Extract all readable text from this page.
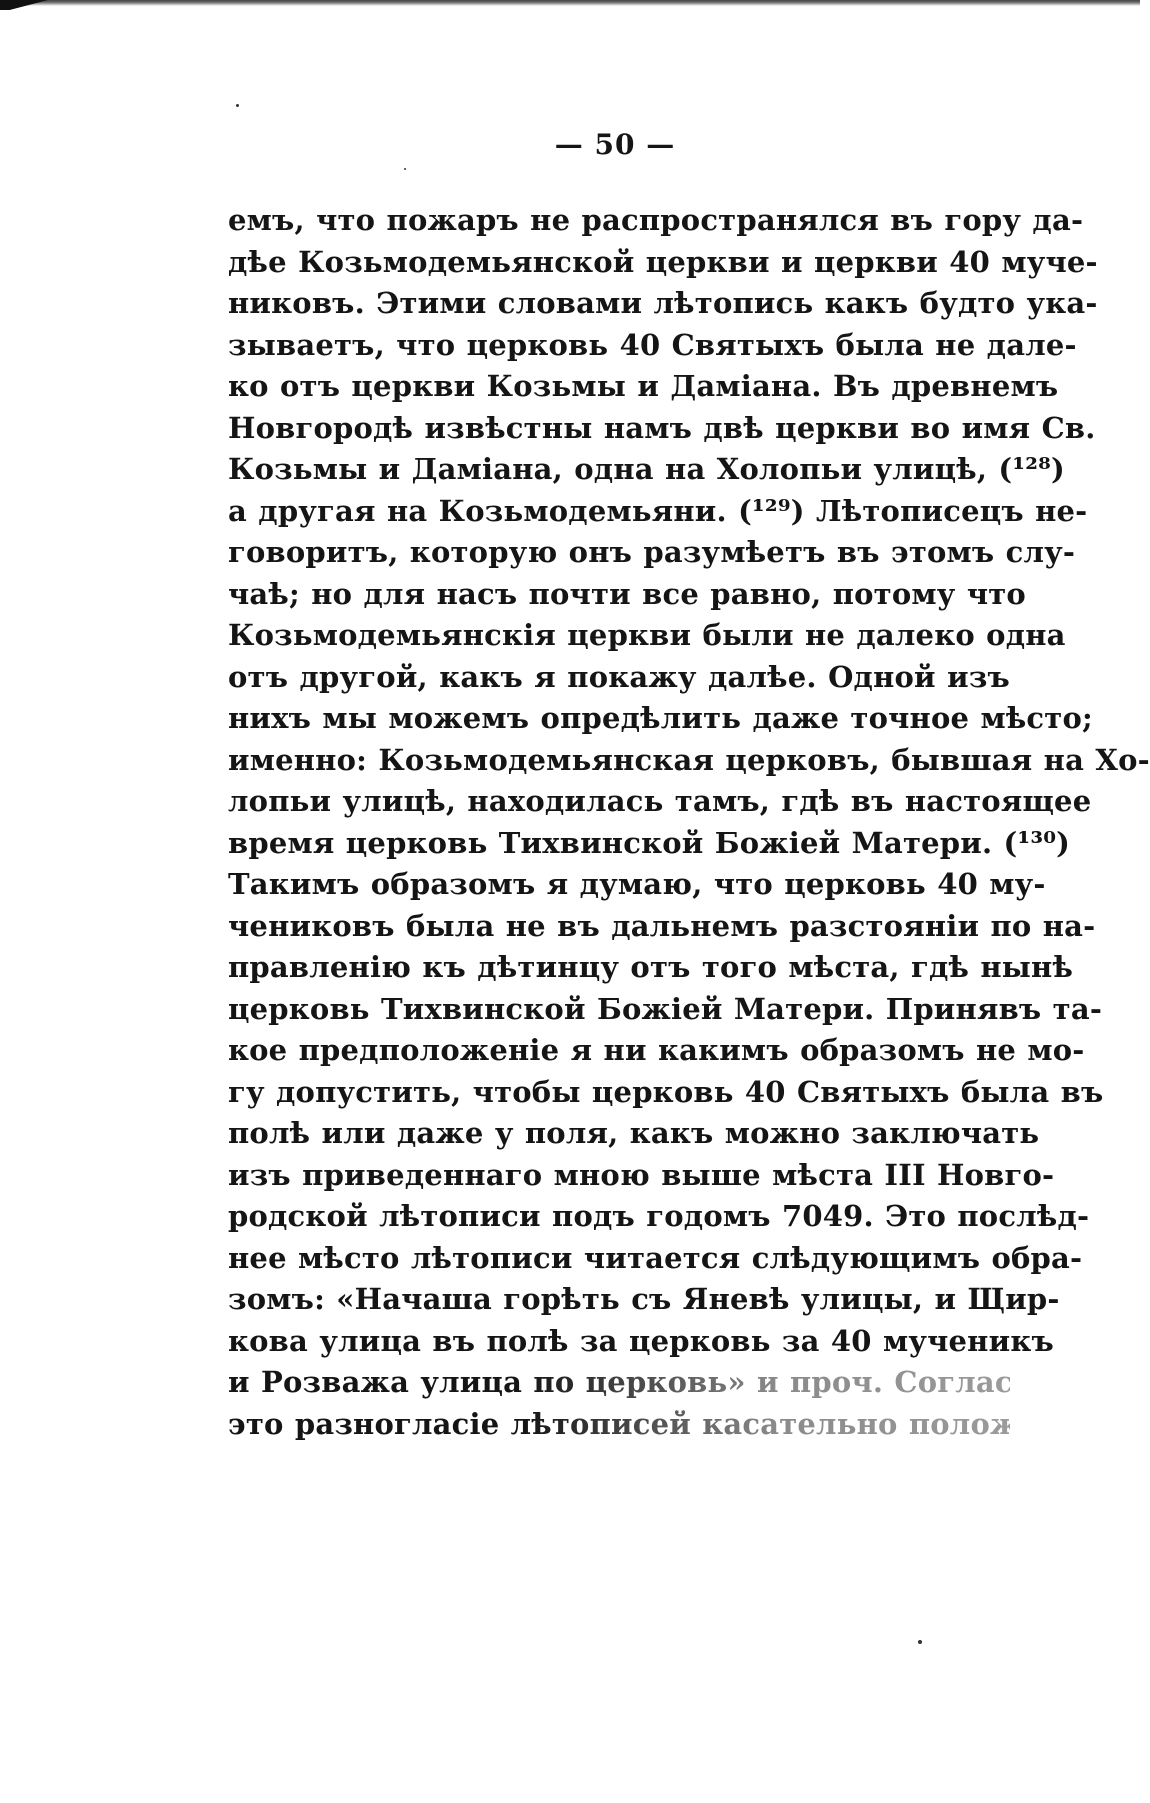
— 50 —
емъ, что пожаръ не распространялся въ гору да-
дѣе Козьмодемьянской церкви и церкви 40 муче-
никовъ. Этими словами лѣтопись какъ будто ука-
зываетъ, что церковь 40 Святыхъ была не дале-
ко отъ церкви Козьмы и Даміана. Въ древнемъ
Новгородѣ извѣстны намъ двѣ церкви во имя Св.
Козьмы и Даміана, одна на Холопьи улицѣ, (¹²⁸)
а другая на Козьмодемьяни. (¹²⁹) Лѣтописецъ не-
говоритъ, которую онъ разумѣетъ въ этомъ слу-
чаѣ; но для насъ почти все равно, потому что
Козьмодемьянскія церкви были не далеко одна
отъ другой, какъ я покажу далѣе. Одной изъ
нихъ мы можемъ опредѣлить даже точное мѣсто;
именно: Козьмодемьянская церковъ, бывшая на Хо-
лопьи улицѣ, находилась тамъ, гдѣ въ настоящее
время церковь Тихвинской Божіей Матери. (¹³⁰)
Такимъ образомъ я думаю, что церковь 40 му-
чениковъ была не въ дальнемъ разстояніи по на-
правленію къ дѣтинцу отъ того мѣста, гдѣ нынѣ
церковь Тихвинской Божіей Матери. Принявъ та-
кое предположеніе я ни какимъ образомъ не мо-
гу допустить, чтобы церковь 40 Святыхъ была въ
полѣ или даже у поля, какъ можно заключать
изъ приведеннаго мною выше мѣста III Новго-
родской лѣтописи подъ годомъ 7049. Это послѣд-
нее мѣсто лѣтописи читается слѣдующимъ обра-
зомъ: «Начаша горѣть съ Яневѣ улицы, и Щир-
кова улица въ полѣ за церковь за 40 мученикъ
и Розважа улица по церковь» и проч. Согласить
это разногласіе лѣтописей касательно положенія
